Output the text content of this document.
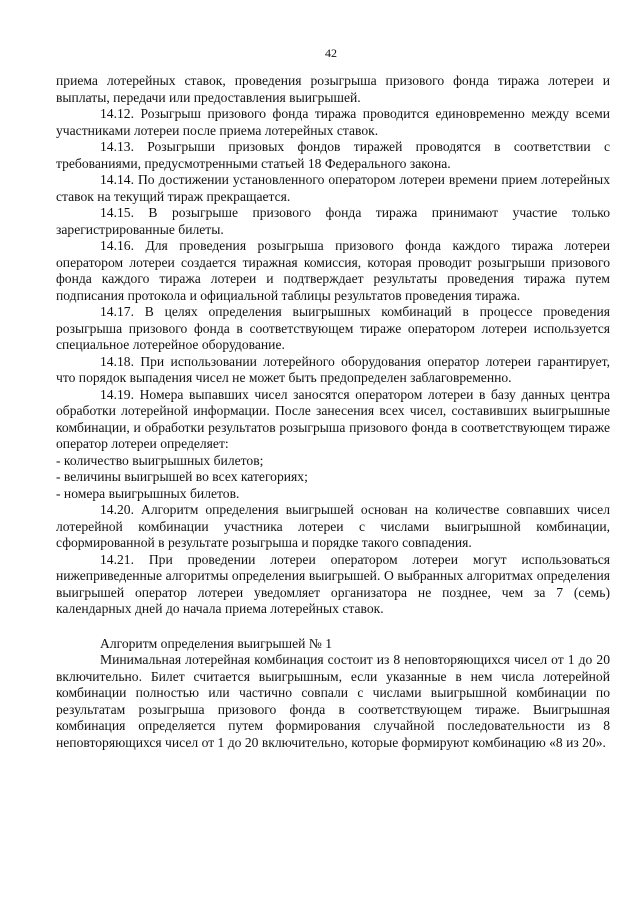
42

приема лотерейных ставок, проведения розыгрыша призового фонда тиража лотереи и выплаты, передачи или предоставления выигрышей.

14.12. Розыгрыш призового фонда тиража проводится единовременно между всеми участниками лотереи после приема лотерейных ставок.

14.13. Розыгрыши призовых фондов тиражей проводятся в соответствии с требованиями, предусмотренными статьей 18 Федерального закона.

14.14. По достижении установленного оператором лотереи времени прием лотерейных ставок на текущий тираж прекращается.

14.15. В розыгрыше призового фонда тиража принимают участие только зарегистрированные билеты.

14.16. Для проведения розыгрыша призового фонда каждого тиража лотереи оператором лотереи создается тиражная комиссия, которая проводит розыгрыши призового фонда каждого тиража лотереи и подтверждает результаты проведения тиража путем подписания протокола и официальной таблицы результатов проведения тиража.

14.17. В целях определения выигрышных комбинаций в процессе проведения розыгрыша призового фонда в соответствующем тираже оператором лотереи используется специальное лотерейное оборудование.

14.18. При использовании лотерейного оборудования оператор лотереи гарантирует, что порядок выпадения чисел не может быть предопределен заблаговременно.

14.19. Номера выпавших чисел заносятся оператором лотереи в базу данных центра обработки лотерейной информации. После занесения всех чисел, составивших выигрышные комбинации, и обработки результатов розыгрыша призового фонда в соответствующем тираже оператор лотереи определяет:

- количество выигрышных билетов;

- величины выигрышей во всех категориях;

- номера выигрышных билетов.

14.20. Алгоритм определения выигрышей основан на количестве совпавших чисел лотерейной комбинации участника лотереи с числами выигрышной комбинации, сформированной в результате розыгрыша и порядке такого совпадения.

14.21. При проведении лотереи оператором лотереи могут использоваться нижеприведенные алгоритмы определения выигрышей. О выбранных алгоритмах определения выигрышей оператор лотереи уведомляет организатора не позднее, чем за 7 (семь) календарных дней до начала приема лотерейных ставок.

Алгоритм определения выигрышей № 1

Минимальная лотерейная комбинация состоит из 8 неповторяющихся чисел от 1 до 20 включительно. Билет считается выигрышным, если указанные в нем числа лотерейной комбинации полностью или частично совпали с числами выигрышной комбинации по результатам розыгрыша призового фонда в соответствующем тираже. Выигрышная комбинация определяется путем формирования случайной последовательности из 8 неповторяющихся чисел от 1 до 20 включительно, которые формируют комбинацию «8 из 20».
